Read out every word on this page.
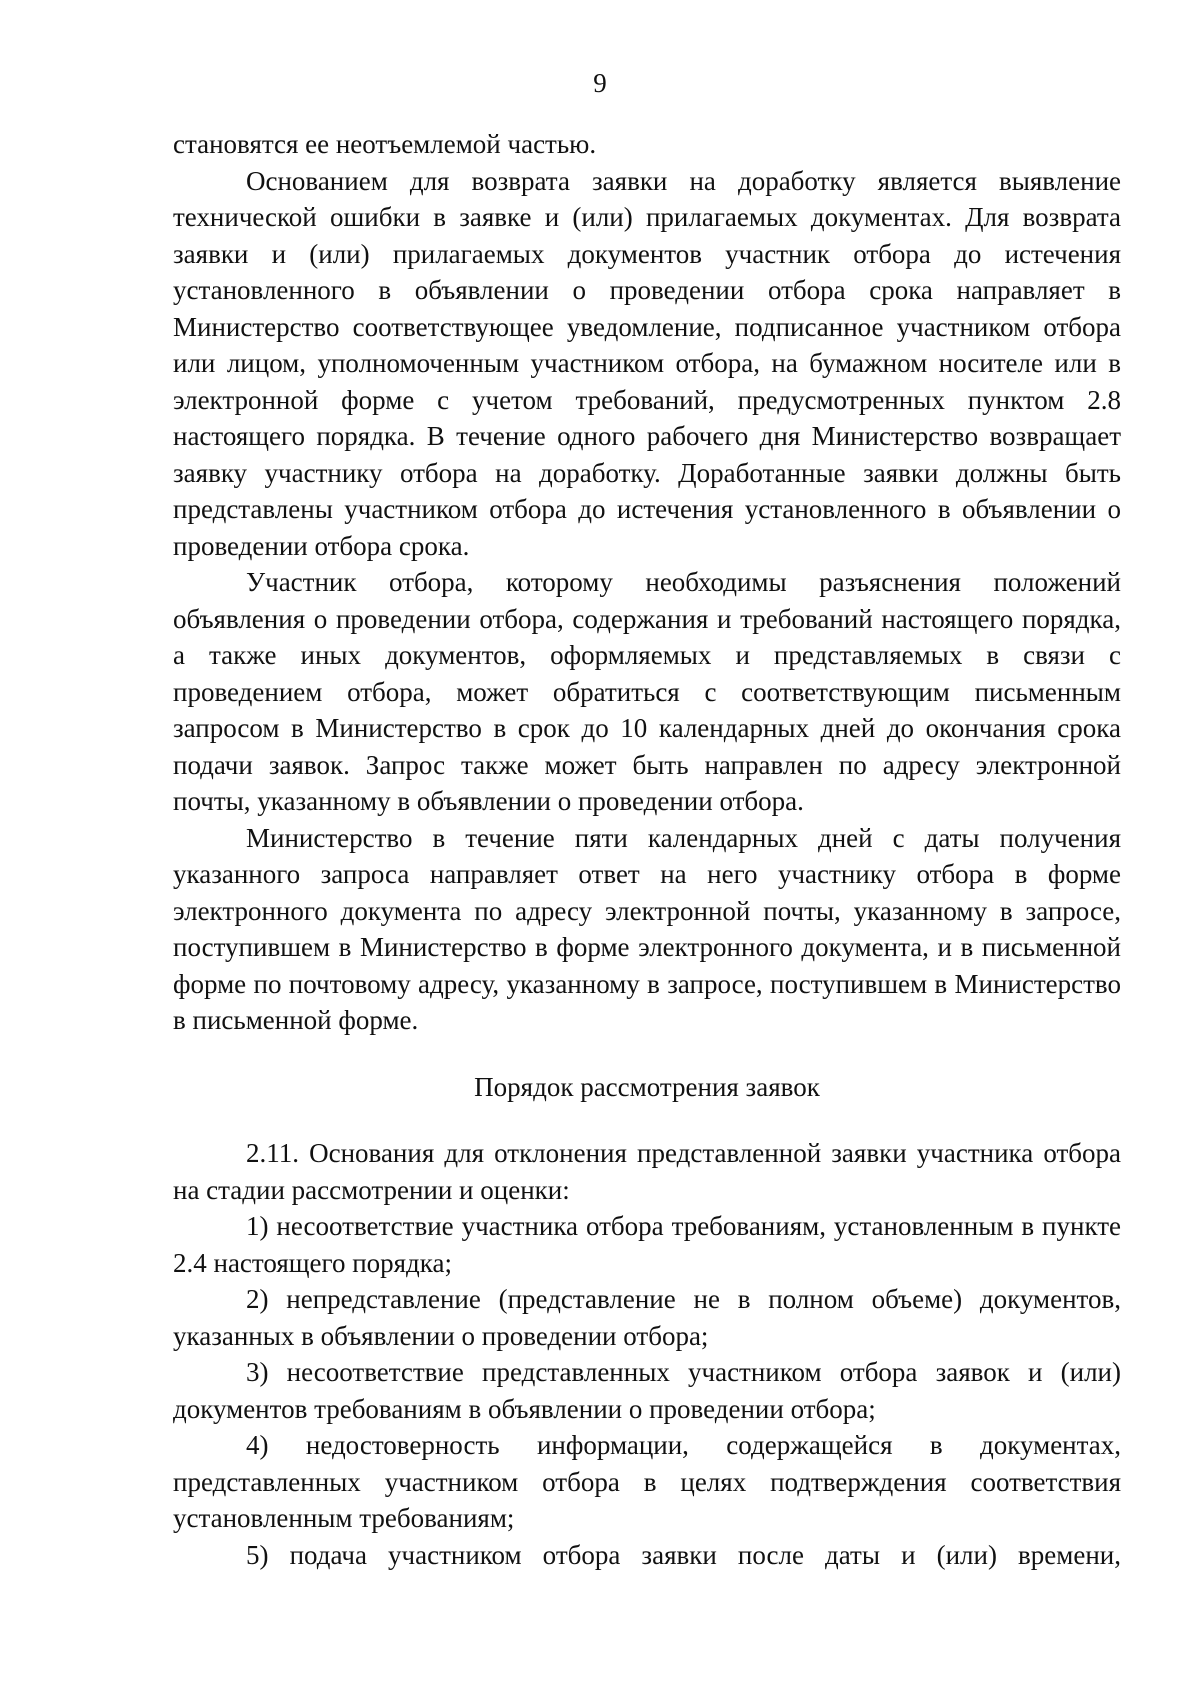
9

становятся ее неотъемлемой частью.

Основанием для возврата заявки на доработку является выявление технической ошибки в заявке и (или) прилагаемых документах. Для возврата заявки и (или) прилагаемых документов участник отбора до истечения установленного в объявлении о проведении отбора срока направляет в Министерство соответствующее уведомление, подписанное участником отбора или лицом, уполномоченным участником отбора, на бумажном носителе или в электронной форме с учетом требований, предусмотренных пунктом 2.8 настоящего порядка. В течение одного рабочего дня Министерство возвращает заявку участнику отбора на доработку. Доработанные заявки должны быть представлены участником отбора до истечения установленного в объявлении о проведении отбора срока.

Участник отбора, которому необходимы разъяснения положений объявления о проведении отбора, содержания и требований настоящего порядка, а также иных документов, оформляемых и представляемых в связи с проведением отбора, может обратиться с соответствующим письменным запросом в Министерство в срок до 10 календарных дней до окончания срока подачи заявок. Запрос также может быть направлен по адресу электронной почты, указанному в объявлении о проведении отбора.

Министерство в течение пяти календарных дней с даты получения указанного запроса направляет ответ на него участнику отбора в форме электронного документа по адресу электронной почты, указанному в запросе, поступившем в Министерство в форме электронного документа, и в письменной форме по почтовому адресу, указанному в запросе, поступившем в Министерство в письменной форме.

Порядок рассмотрения заявок

2.11. Основания для отклонения представленной заявки участника отбора на стадии рассмотрении и оценки:

1) несоответствие участника отбора требованиям, установленным в пункте 2.4 настоящего порядка;

2) непредставление (представление не в полном объеме) документов, указанных в объявлении о проведении отбора;

3) несоответствие представленных участником отбора заявок и (или) документов требованиям в объявлении о проведении отбора;

4) недостоверность информации, содержащейся в документах, представленных участником отбора в целях подтверждения соответствия установленным требованиям;

5) подача участником отбора заявки после даты и (или) времени,
